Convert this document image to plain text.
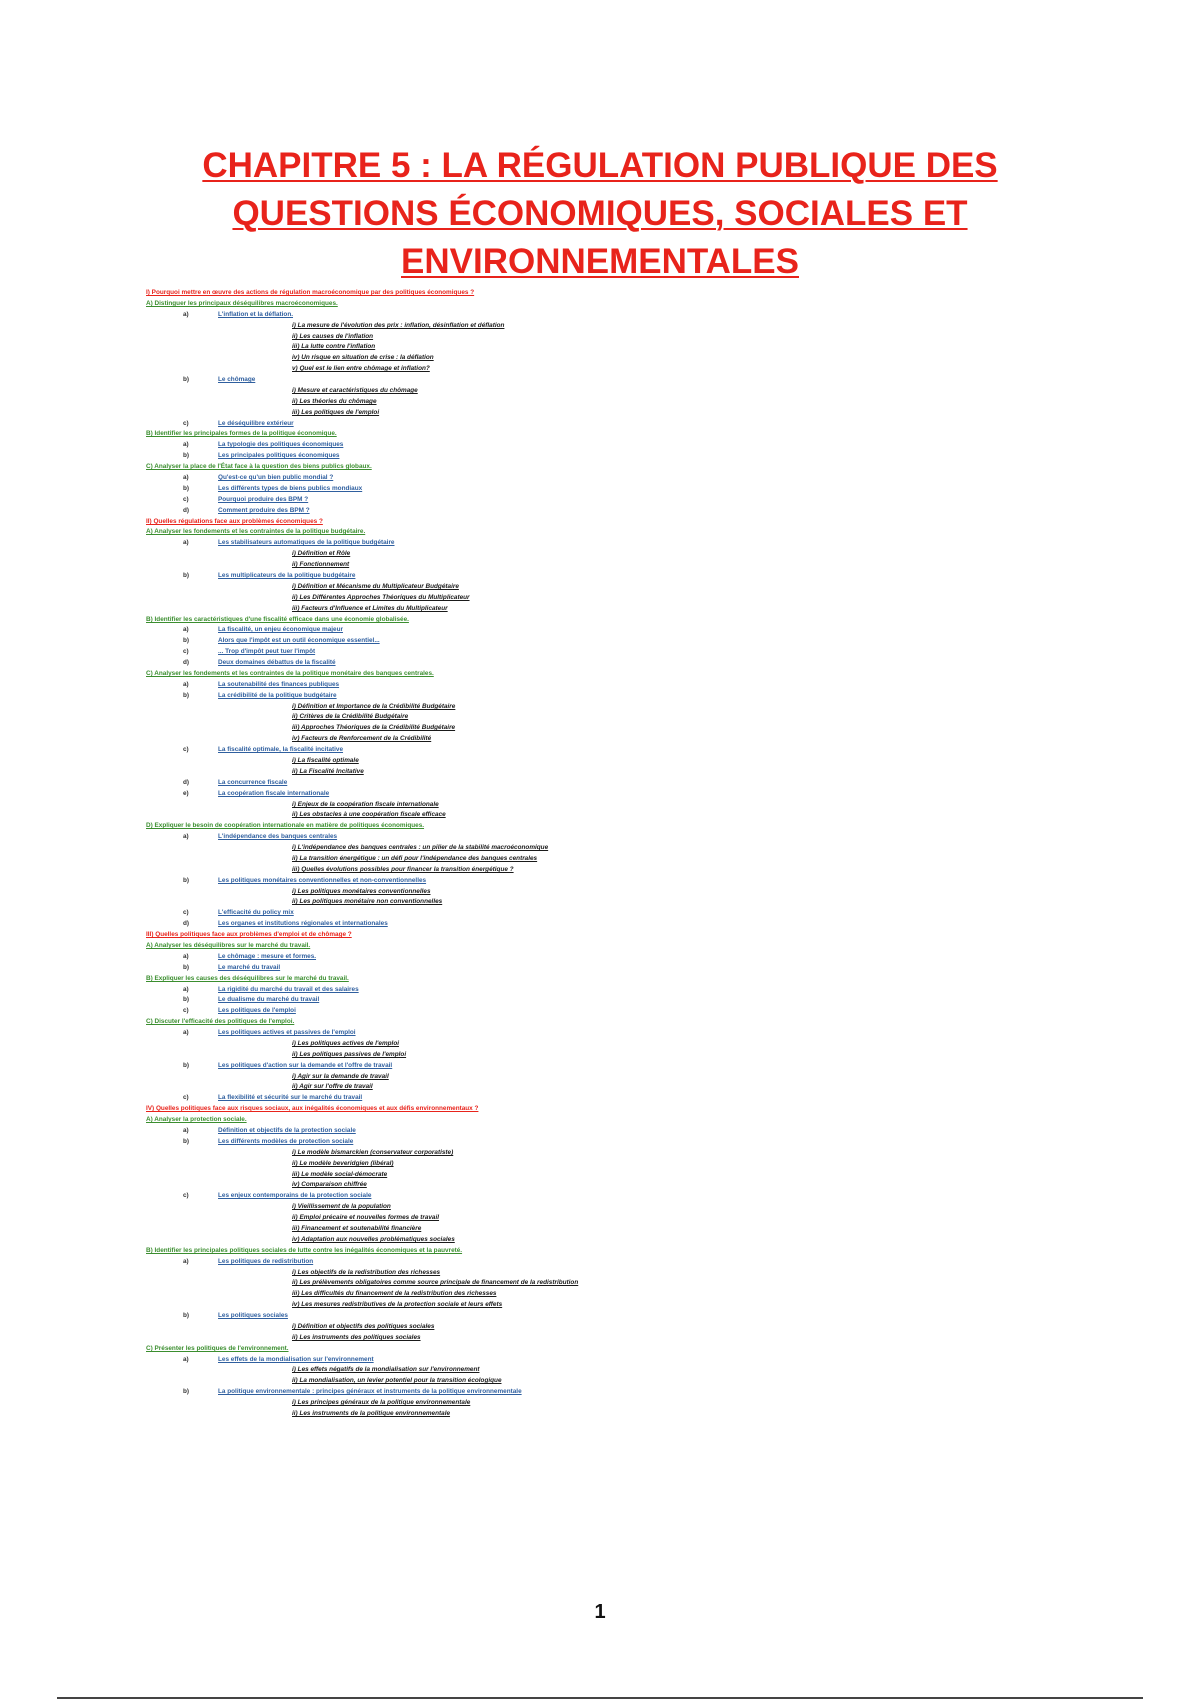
CHAPITRE 5 : LA RÉGULATION PUBLIQUE DES
QUESTIONS ÉCONOMIQUES, SOCIALES ET
ENVIRONNEMENTALES
I) Pourquoi mettre en œuvre des actions de régulation macroéconomique par des politiques économiques ?
A) Distinguer les principaux déséquilibres macroéconomiques.
a)	L'inflation et la déflation.
i) La mesure de l'évolution des prix : inflation, désinflation et déflation
ii) Les causes de l'inflation
iii) La lutte contre l'inflation
iv) Un risque en situation de crise : la déflation
v) Quel est le lien entre chômage et inflation?
b)	Le chômage
i) Mesure et caractéristiques du chômage
ii) Les théories du chômage
iii) Les politiques de l'emploi
c)	Le déséquilibre extérieur
B) Identifier les principales formes de la politique économique.
a)	La typologie des politiques économiques
b)	Les principales politiques économiques
C) Analyser la place de l'État face à la question des biens publics globaux.
a)	Qu'est-ce qu'un bien public mondial ?
b)	Les différents types de biens publics mondiaux
c)	Pourquoi produire des BPM ?
d)	Comment produire des BPM ?
II) Quelles régulations face aux problèmes économiques ?
A) Analyser les fondements et les contraintes de la politique budgétaire.
a)	Les stabilisateurs automatiques de la politique budgétaire
i) Définition et Rôle
ii) Fonctionnement
b)	Les multiplicateurs de la politique budgétaire
i) Définition et Mécanisme du Multiplicateur Budgétaire
ii) Les Différentes Approches Théoriques du Multiplicateur
iii) Facteurs d'Influence et Limites du Multiplicateur
B) Identifier les caractéristiques d'une fiscalité efficace dans une économie globalisée.
a)	La fiscalité, un enjeu économique majeur
b)	Alors que l'impôt est un outil économique essentiel...
c)	... Trop d'impôt peut tuer l'impôt
d)	Deux domaines débattus de la fiscalité
C) Analyser les fondements et les contraintes de la politique monétaire des banques centrales.
a)	La soutenabilité des finances publiques
b)	La crédibilité de la politique budgétaire
i) Définition et Importance de la Crédibilité Budgétaire
ii) Critères de la Crédibilité Budgétaire
iii) Approches Théoriques de la Crédibilité Budgétaire
iv) Facteurs de Renforcement de la Crédibilité
c)	La fiscalité optimale, la fiscalité incitative
i) La fiscalité optimale
ii) La Fiscalité Incitative
d)	La concurrence fiscale
e)	La coopération fiscale internationale
i) Enjeux de la coopération fiscale internationale
ii) Les obstacles à une coopération fiscale efficace
D) Expliquer le besoin de coopération internationale en matière de politiques économiques.
a)	L'indépendance des banques centrales
i) L'indépendance des banques centrales : un pilier de la stabilité macroéconomique
ii) La transition énergétique : un défi pour l'indépendance des banques centrales
iii) Quelles évolutions possibles pour financer la transition énergétique ?
b)	Les politiques monétaires conventionnelles et non-conventionnelles
i) Les politiques monétaires conventionnelles
ii) Les politiques monétaire non conventionnelles
c)	L'efficacité du policy mix
d)	Les organes et institutions régionales et internationales
III) Quelles politiques face aux problèmes d'emploi et de chômage ?
A) Analyser les déséquilibres sur le marché du travail.
a)	Le chômage : mesure et formes.
b)	Le marché du travail
B) Expliquer les causes des déséquilibres sur le marché du travail.
a)	La rigidité du marché du travail et des salaires
b)	Le dualisme du marché du travail
c)	Les politiques de l'emploi
C) Discuter l'efficacité des politiques de l'emploi.
a)	Les politiques actives et passives de l'emploi
i) Les politiques actives de l'emploi
ii) Les politiques passives de l'emploi
b)	Les politiques d'action sur la demande et l'offre de travail
i) Agir sur la demande de travail
ii) Agir sur l'offre de travail
c)	La flexibilité et sécurité sur le marché du travail
IV) Quelles politiques face aux risques sociaux, aux inégalités économiques et aux défis environnementaux ?
A) Analyser la protection sociale.
a)	Définition et objectifs de la protection sociale
b)	Les différents modèles de protection sociale
i) Le modèle bismarckien (conservateur corporatiste)
ii) Le modèle beveridgien (libéral)
iii) Le modèle social-démocrate
iv) Comparaison chiffrée
c)	Les enjeux contemporains de la protection sociale
i) Vieillissement de la population
ii) Emploi précaire et nouvelles formes de travail
iii) Financement et soutenabilité financière
iv) Adaptation aux nouvelles problématiques sociales
B) Identifier les principales politiques sociales de lutte contre les inégalités économiques et la pauvreté.
a)	Les politiques de redistribution
i) Les objectifs de la redistribution des richesses
ii) Les prélèvements obligatoires comme source principale de financement de la redistribution
iii) Les difficultés du financement de la redistribution des richesses
iv) Les mesures redistributives de la protection sociale et leurs effets
b)	Les politiques sociales
i) Définition et objectifs des politiques sociales
ii) Les instruments des politiques sociales
C) Présenter les politiques de l'environnement.
a)	Les effets de la mondialisation sur l'environnement
i) Les effets négatifs de la mondialisation sur l'environnement
ii) La mondialisation, un levier potentiel pour la transition écologique
b)	La politique environnementale : principes généraux et instruments de la politique environnementale
i) Les principes généraux de la politique environnementale
ii) Les instruments de la politique environnementale
1
